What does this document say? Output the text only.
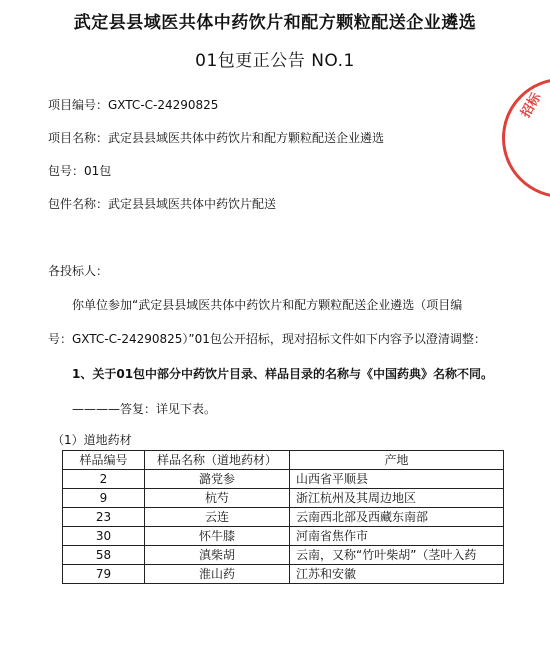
武定县县域医共体中药饮片和配方颗粒配送企业遴选
01包更正公告 NO.1
招标
项目编号：GXTC-C-24290825
项目名称：武定县县域医共体中药饮片和配方颗粒配送企业遴选
包号：01包
包件名称：武定县县域医共体中药饮片配送
各投标人：
你单位参加“武定县县域医共体中药饮片和配方颗粒配送企业遴选（项目编
号：GXTC-C-24290825）”01包公开招标，现对招标文件如下内容予以澄清调整：
1、关于01包中部分中药饮片目录、样品目录的名称与《中国药典》名称不同。
————答复：详见下表。
（1）道地药材
样品编号	样品名称（道地药材）	产地
2	潞党参	山西省平顺县
9	杭芍	浙江杭州及其周边地区
23	云连	云南西北部及西藏东南部
30	怀牛膝	河南省焦作市
58	滇柴胡	云南，又称“竹叶柴胡”（茎叶入药
79	淮山药	江苏和安徽
